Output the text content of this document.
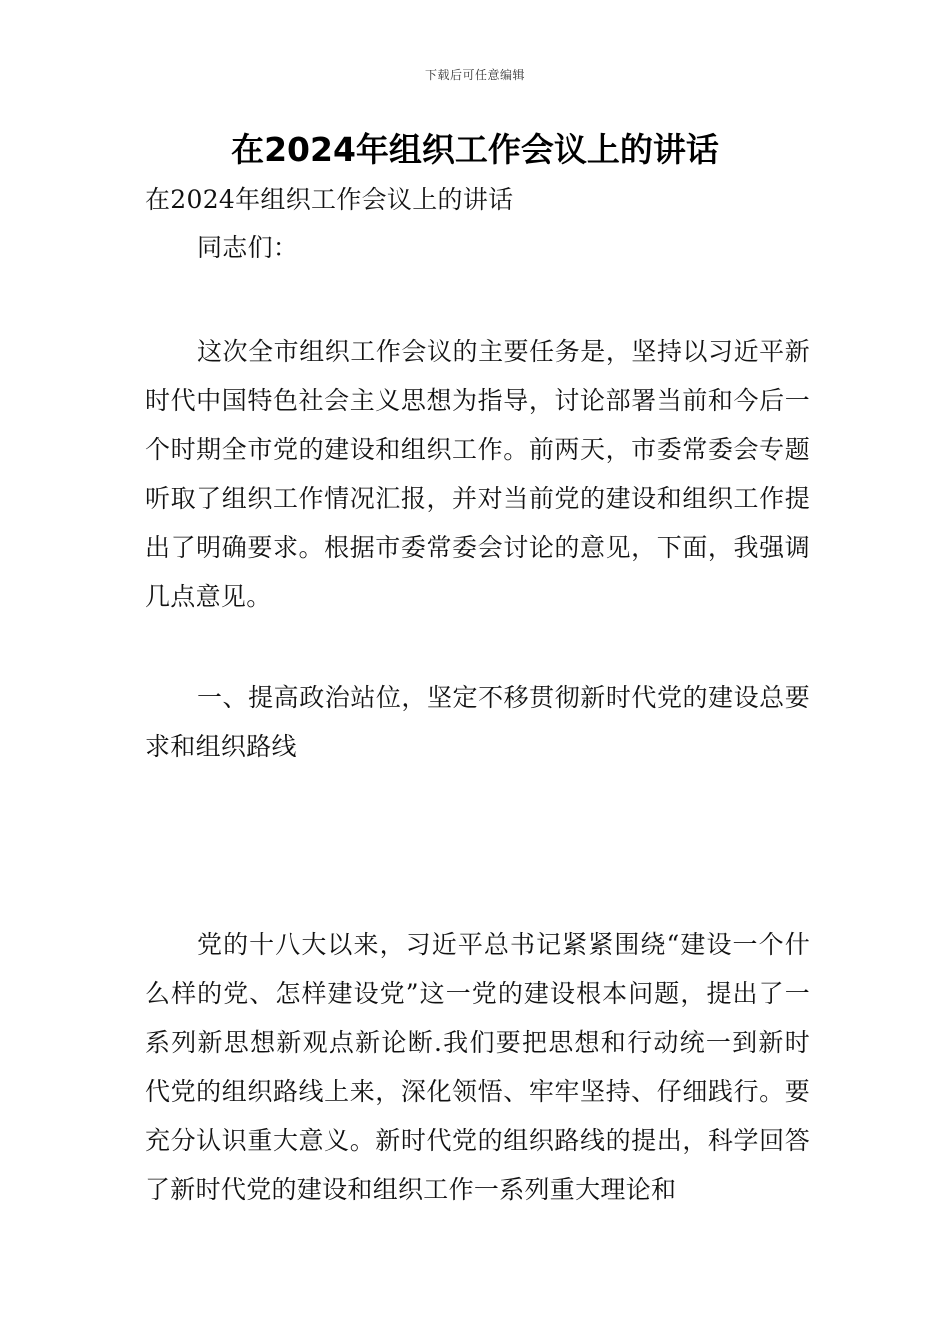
下载后可任意编辑
在2024年组织工作会议上的讲话

在2024年组织工作会议上的讲话

同志们：

这次全市组织工作会议的主要任务是，坚持以习近平新时代中国特色社会主义思想为指导，讨论部署当前和今后一个时期全市党的建设和组织工作。前两天，市委常委会专题听取了组织工作情况汇报，并对当前党的建设和组织工作提出了明确要求。根据市委常委会讨论的意见，下面，我强调几点意见。

一、提高政治站位，坚定不移贯彻新时代党的建设总要求和组织路线

党的十八大以来，习近平总书记紧紧围绕“建设一个什么样的党、怎样建设党”这一党的建设根本问题，提出了一系列新思想新观点新论断.我们要把思想和行动统一到新时代党的组织路线上来，深化领悟、牢牢坚持、仔细践行。要充分认识重大意义。新时代党的组织路线的提出，科学回答了新时代党的建设和组织工作一系列重大理论和
